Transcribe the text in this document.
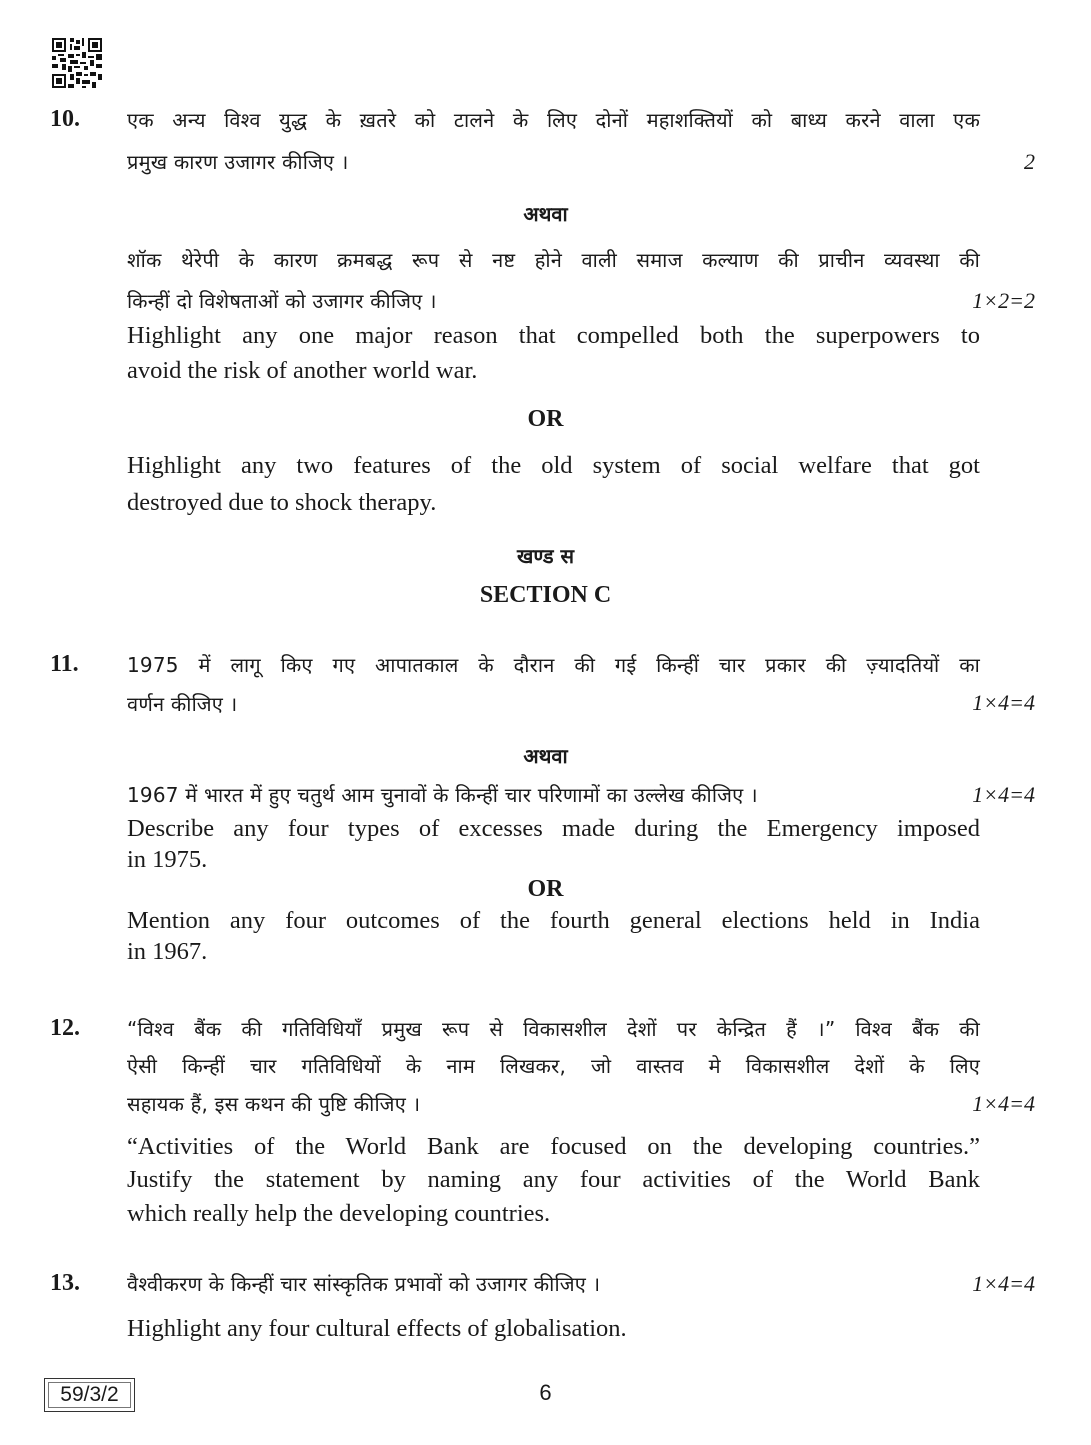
10. एक अन्य विश्व युद्ध के ख़तरे को टालने के लिए दोनों महाशक्तियों को बाध्य करने वाला एक
प्रमुख कारण उजागर कीजिए ।	2
अथवा
शॉक थेरेपी के कारण क्रमबद्ध रूप से नष्ट होने वाली समाज कल्याण की प्राचीन व्यवस्था की
किन्हीं दो विशेषताओं को उजागर कीजिए ।	1×2=2
Highlight any one major reason that compelled both the superpowers to
avoid the risk of another world war.
OR
Highlight any two features of the old system of social welfare that got
destroyed due to shock therapy.
खण्ड स
SECTION C
11. 1975 में लागू किए गए आपातकाल के दौरान की गई किन्हीं चार प्रकार की ज़्यादतियों का
वर्णन कीजिए ।	1×4=4
अथवा
1967 में भारत में हुए चतुर्थ आम चुनावों के किन्हीं चार परिणामों का उल्लेख कीजिए ।	1×4=4
Describe any four types of excesses made during the Emergency imposed
in 1975.
OR
Mention any four outcomes of the fourth general elections held in India
in 1967.
12. “विश्व बैंक की गतिविधियाँ प्रमुख रूप से विकासशील देशों पर केन्द्रित हैं ।” विश्व बैंक की
ऐसी किन्हीं चार गतिविधियों के नाम लिखकर, जो वास्तव मे विकासशील देशों के लिए
सहायक हैं, इस कथन की पुष्टि कीजिए ।	1×4=4
“Activities of the World Bank are focused on the developing countries.”
Justify the statement by naming any four activities of the World Bank
which really help the developing countries.
13. वैश्वीकरण के किन्हीं चार सांस्कृतिक प्रभावों को उजागर कीजिए ।	1×4=4
Highlight any four cultural effects of globalisation.
59/3/2	6
